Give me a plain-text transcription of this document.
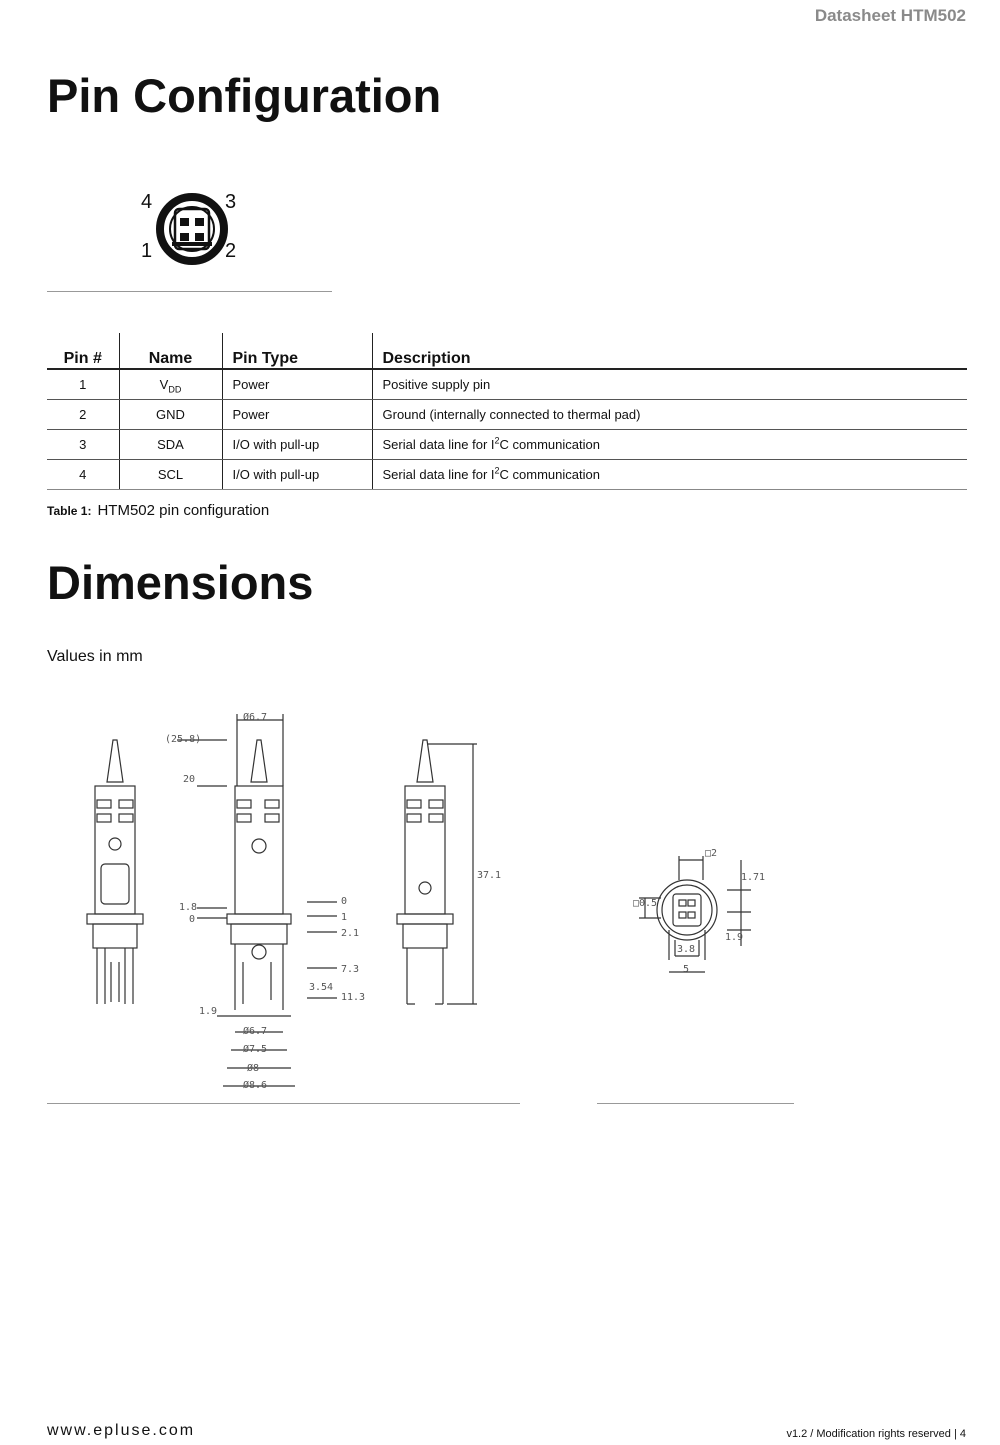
Datasheet HTM502
Pin Configuration
4	3
1	2
Pin #	Name	Pin Type	Description
1	$V_{DD}$	Power	Positive supply pin
2	GND	Power	Ground (internally connected to thermal pad)
3	SDA	I/O with pull-up	Serial data line for $I^2C$ communication
4	SCL	I/O with pull-up	Serial data line for $I^2C$ communication
Table 1: HTM502 pin configuration
Dimensions
Values in mm
Ø6.7
(25.8)
20
1.8
0
0
1
2.1
7.3
3.5 4
11.3
1.9
Ø6.7
Ø7.5
Ø8
Ø8.6
37.1
□0.5
□2
1.71
1.9
3.8
5
www.epluse.com	v1.2 / Modification rights reserved | 4
